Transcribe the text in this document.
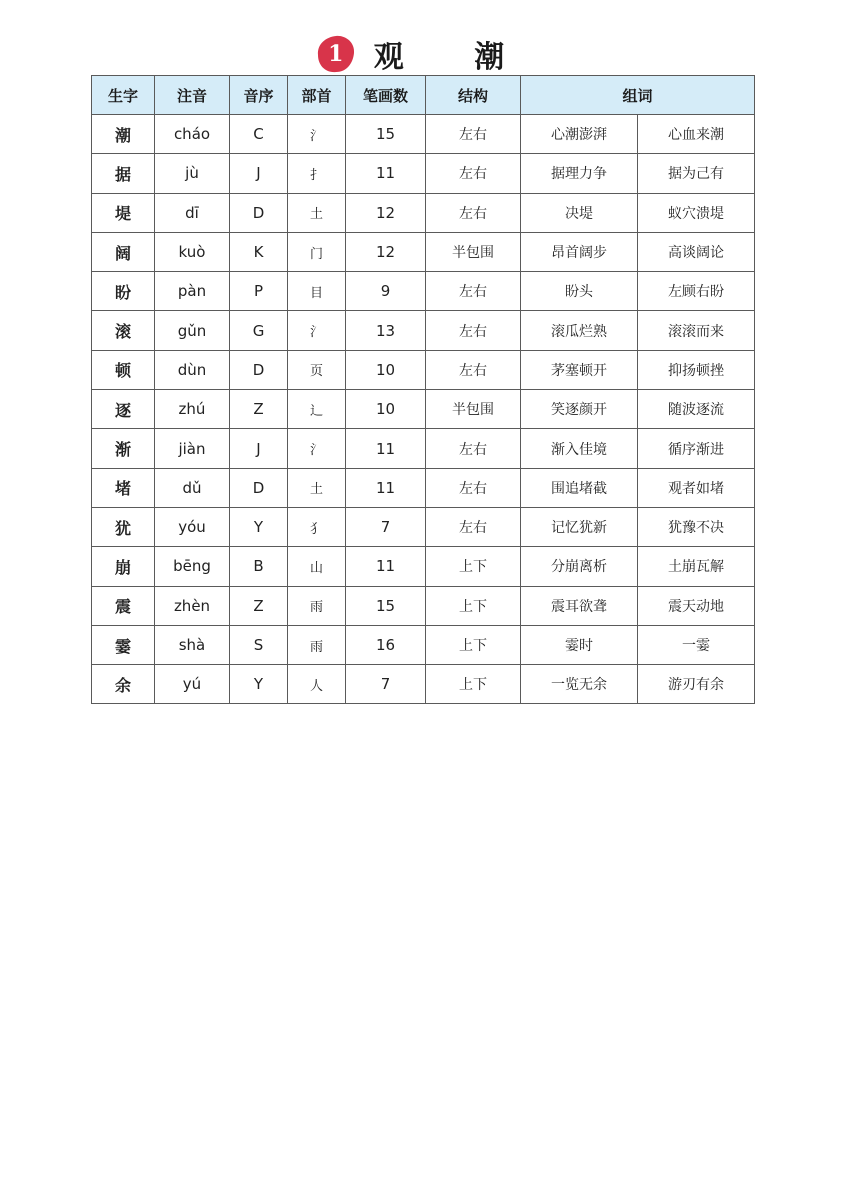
1 观 潮
生字	注音	音序	部首	笔画数	结构	组词	
潮	cháo	C	氵	15	左右	心潮澎湃	心血来潮
据	jù	J	扌	11	左右	据理力争	据为己有
堤	dī	D	土	12	左右	决堤	蚁穴溃堤
阔	kuò	K	门	12	半包围	昂首阔步	高谈阔论
盼	pàn	P	目	9	左右	盼头	左顾右盼
滚	gǔn	G	氵	13	左右	滚瓜烂熟	滚滚而来
顿	dùn	D	页	10	左右	茅塞顿开	抑扬顿挫
逐	zhú	Z	辶	10	半包围	笑逐颜开	随波逐流
渐	jiàn	J	氵	11	左右	渐入佳境	循序渐进
堵	dǔ	D	土	11	左右	围追堵截	观者如堵
犹	yóu	Y	犭	7	左右	记忆犹新	犹豫不决
崩	bēng	B	山	11	上下	分崩离析	土崩瓦解
震	zhèn	Z	雨	15	上下	震耳欲聋	震天动地
霎	shà	S	雨	16	上下	霎时	一霎
余	yú	Y	人	7	上下	一览无余	游刃有余
